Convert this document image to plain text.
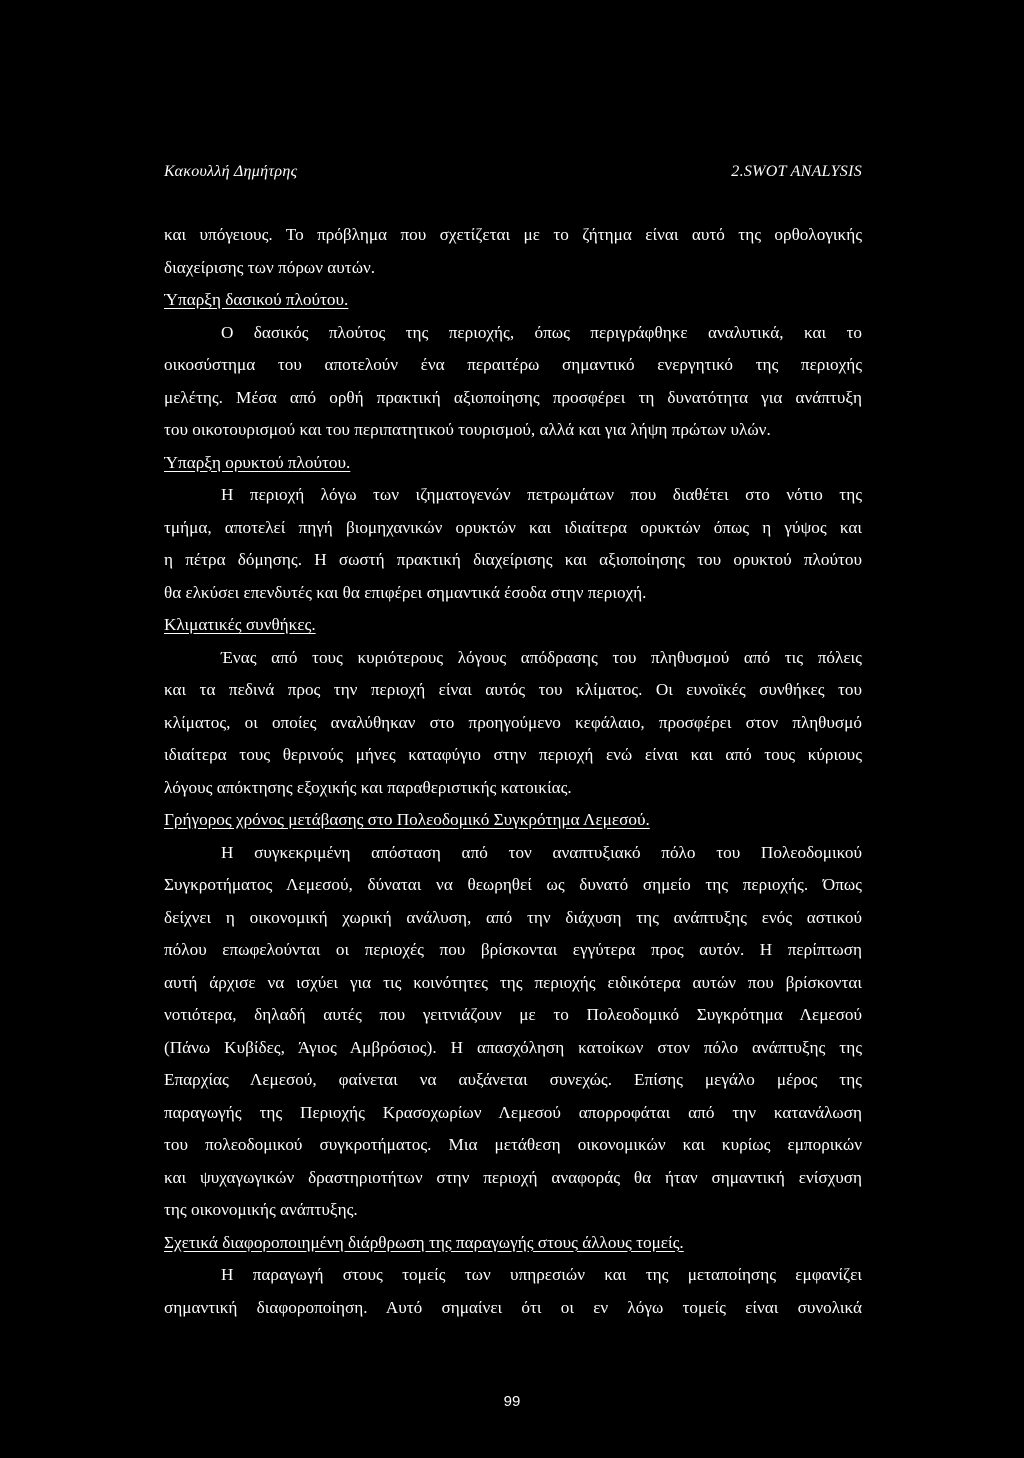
Κακουλλή Δημήτρης	2.SWOT ANALYSIS
και υπόγειους. Το πρόβλημα που σχετίζεται με το ζήτημα είναι αυτό της ορθολογικής
διαχείρισης των πόρων αυτών.
Ύπαρξη δασικού πλούτου.
Ο δασικός πλούτος της περιοχής, όπως περιγράφθηκε αναλυτικά, και το
οικοσύστημα του αποτελούν ένα περαιτέρω σημαντικό ενεργητικό της περιοχής
μελέτης. Μέσα από ορθή πρακτική αξιοποίησης προσφέρει τη δυνατότητα για ανάπτυξη
του οικοτουρισμού και του περιπατητικού τουρισμού, αλλά και για λήψη πρώτων υλών.
Ύπαρξη ορυκτού πλούτου.
Η περιοχή λόγω των ιζηματογενών πετρωμάτων που διαθέτει στο νότιο της
τμήμα, αποτελεί πηγή βιομηχανικών ορυκτών και ιδιαίτερα ορυκτών όπως η γύψος και
η πέτρα δόμησης. Η σωστή πρακτική διαχείρισης και αξιοποίησης του ορυκτού πλούτου
θα ελκύσει επενδυτές και θα επιφέρει σημαντικά έσοδα στην περιοχή.
Κλιματικές συνθήκες.
Ένας από τους κυριότερους λόγους απόδρασης του πληθυσμού από τις πόλεις
και τα πεδινά προς την περιοχή είναι αυτός του κλίματος. Οι ευνοϊκές συνθήκες του
κλίματος, οι οποίες αναλύθηκαν στο προηγούμενο κεφάλαιο, προσφέρει στον πληθυσμό
ιδιαίτερα τους θερινούς μήνες καταφύγιο στην περιοχή ενώ είναι και από τους κύριους
λόγους απόκτησης εξοχικής και παραθεριστικής κατοικίας.
Γρήγορος χρόνος μετάβασης στο Πολεοδομικό Συγκρότημα Λεμεσού.
Η συγκεκριμένη απόσταση από τον αναπτυξιακό πόλο του Πολεοδομικού
Συγκροτήματος Λεμεσού, δύναται να θεωρηθεί ως δυνατό σημείο της περιοχής. Όπως
δείχνει η οικονομική χωρική ανάλυση, από την διάχυση της ανάπτυξης ενός αστικού
πόλου επωφελούνται οι περιοχές που βρίσκονται εγγύτερα προς αυτόν. Η περίπτωση
αυτή άρχισε να ισχύει για τις κοινότητες της περιοχής ειδικότερα αυτών που βρίσκονται
νοτιότερα, δηλαδή αυτές που γειτνιάζουν με το Πολεοδομικό Συγκρότημα Λεμεσού
(Πάνω Κυβίδες, Άγιος Αμβρόσιος). Η απασχόληση κατοίκων στον πόλο ανάπτυξης της
Επαρχίας Λεμεσού, φαίνεται να αυξάνεται συνεχώς. Επίσης μεγάλο μέρος της
παραγωγής της Περιοχής Κρασοχωρίων Λεμεσού απορροφάται από την κατανάλωση
του πολεοδομικού συγκροτήματος. Μια μετάθεση οικονομικών και κυρίως εμπορικών
και ψυχαγωγικών δραστηριοτήτων στην περιοχή αναφοράς θα ήταν σημαντική ενίσχυση
της οικονομικής ανάπτυξης.
Σχετικά διαφοροποιημένη διάρθρωση της παραγωγής στους άλλους τομείς.
Η παραγωγή στους τομείς των υπηρεσιών και της μεταποίησης εμφανίζει
σημαντική διαφοροποίηση. Αυτό σημαίνει ότι οι εν λόγω τομείς είναι συνολικά
99
